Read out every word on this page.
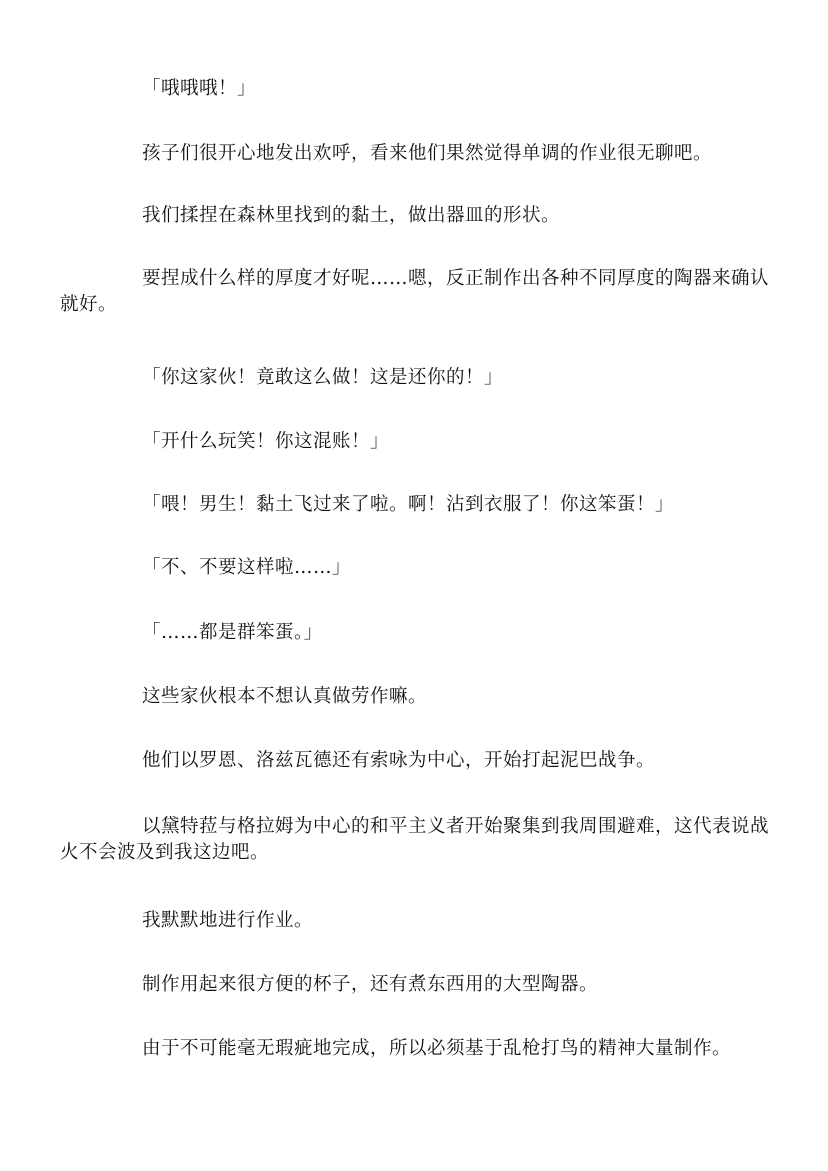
「哦哦哦！」

孩子们很开心地发出欢呼，看来他们果然觉得单调的作业很无聊吧。

我们揉捏在森林里找到的黏土，做出器皿的形状。

要捏成什么样的厚度才好呢……嗯，反正制作出各种不同厚度的陶器来确认就好。

「你这家伙！竟敢这么做！这是还你的！」

「开什么玩笑！你这混账！」

「喂！男生！黏土飞过来了啦。啊！沾到衣服了！你这笨蛋！」

「不、不要这样啦……」

「……都是群笨蛋。」

这些家伙根本不想认真做劳作嘛。

他们以罗恩、洛兹瓦德还有索咏为中心，开始打起泥巴战争。

以黛特菈与格拉姆为中心的和平主义者开始聚集到我周围避难，这代表说战火不会波及到我这边吧。

我默默地进行作业。

制作用起来很方便的杯子，还有煮东西用的大型陶器。

由于不可能毫无瑕疵地完成，所以必须基于乱枪打鸟的精神大量制作。
